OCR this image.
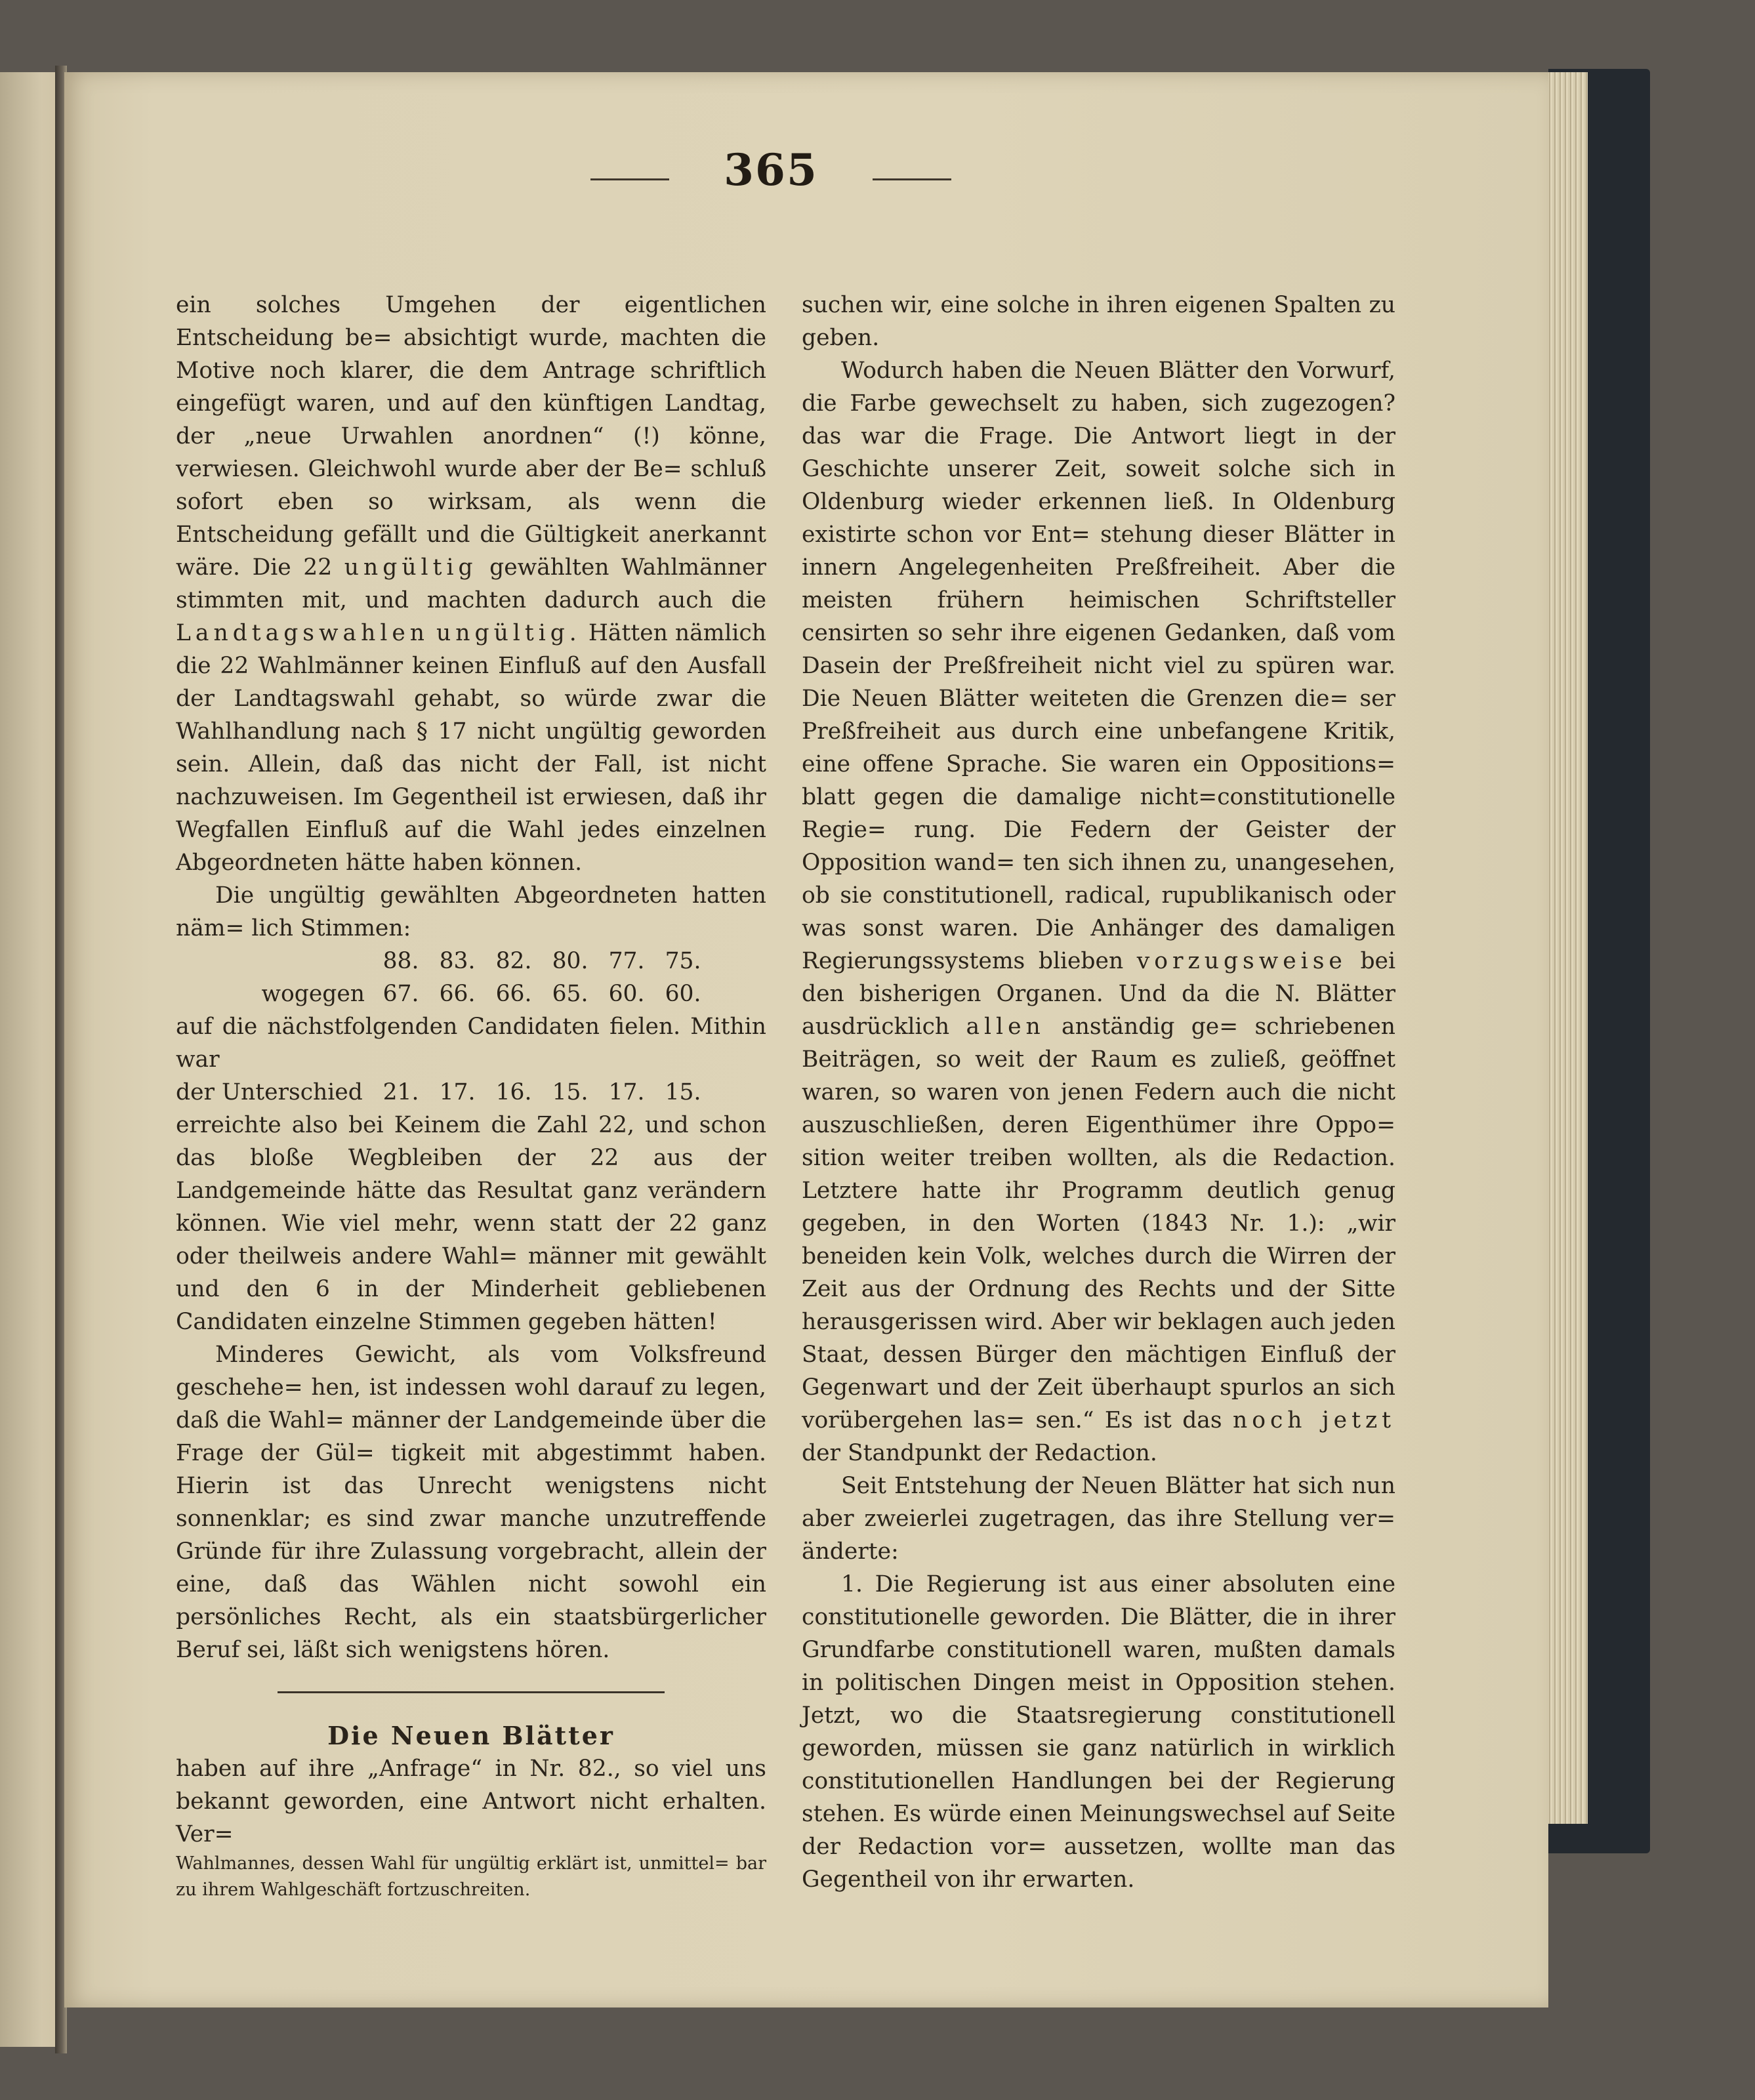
365

ein solches Umgehen der eigentlichen Entscheidung be= absichtigt wurde, machten die Motive noch klarer, die dem Antrage schriftlich eingefügt waren, und auf den künftigen Landtag, der „neue Urwahlen anordnen“ (!) könne, verwiesen. Gleichwohl wurde aber der Be= schluß sofort eben so wirksam, als wenn die Entscheidung gefällt und die Gültigkeit anerkannt wäre. Die 22 ungültig gewählten Wahlmänner stimmten mit, und machten dadurch auch die Landtagswahlen ungültig. Hätten nämlich die 22 Wahlmänner keinen Einfluß auf den Ausfall der Landtagswahl gehabt, so würde zwar die Wahlhandlung nach § 17 nicht ungültig geworden sein. Allein, daß das nicht der Fall, ist nicht nachzuweisen. Im Gegentheil ist erwiesen, daß ihr Wegfallen Einfluß auf die Wahl jedes einzelnen Abgeordneten hätte haben können.

Die ungültig gewählten Abgeordneten hatten näm= lich Stimmen:

88. 83. 82. 80. 77. 75.
wogegen 67. 66. 66. 65. 60. 60.

auf die nächstfolgenden Candidaten fielen. Mithin war

der Unterschied 21. 17. 16. 15. 17. 15.

erreichte also bei Keinem die Zahl 22, und schon das bloße Wegbleiben der 22 aus der Landgemeinde hätte das Resultat ganz verändern können. Wie viel mehr, wenn statt der 22 ganz oder theilweis andere Wahl= männer mit gewählt und den 6 in der Minderheit gebliebenen Candidaten einzelne Stimmen gegeben hätten!

Minderes Gewicht, als vom Volksfreund geschehe= hen, ist indessen wohl darauf zu legen, daß die Wahl= männer der Landgemeinde über die Frage der Gül= tigkeit mit abgestimmt haben. Hierin ist das Unrecht wenigstens nicht sonnenklar; es sind zwar manche unzutreffende Gründe für ihre Zulassung vorgebracht, allein der eine, daß das Wählen nicht sowohl ein persönliches Recht, als ein staatsbürgerlicher Beruf sei, läßt sich wenigstens hören.

Die Neuen Blätter

haben auf ihre „Anfrage“ in Nr. 82., so viel uns bekannt geworden, eine Antwort nicht erhalten. Ver=

Wahlmannes, dessen Wahl für ungültig erklärt ist, unmittel= bar zu ihrem Wahlgeschäft fortzuschreiten.

suchen wir, eine solche in ihren eigenen Spalten zu geben.

Wodurch haben die Neuen Blätter den Vorwurf, die Farbe gewechselt zu haben, sich zugezogen? das war die Frage. Die Antwort liegt in der Geschichte unserer Zeit, soweit solche sich in Oldenburg wieder erkennen ließ. In Oldenburg existirte schon vor Ent= stehung dieser Blätter in innern Angelegenheiten Preßfreiheit. Aber die meisten frühern heimischen Schriftsteller censirten so sehr ihre eigenen Gedanken, daß vom Dasein der Preßfreiheit nicht viel zu spüren war. Die Neuen Blätter weiteten die Grenzen die= ser Preßfreiheit aus durch eine unbefangene Kritik, eine offene Sprache. Sie waren ein Oppositions= blatt gegen die damalige nicht=constitutionelle Regie= rung. Die Federn der Geister der Opposition wand= ten sich ihnen zu, unangesehen, ob sie constitutionell, radical, rupublikanisch oder was sonst waren. Die Anhänger des damaligen Regierungssystems blieben vorzugsweise bei den bisherigen Organen. Und da die N. Blätter ausdrücklich allen anständig ge= schriebenen Beiträgen, so weit der Raum es zuließ, geöffnet waren, so waren von jenen Federn auch die nicht auszuschließen, deren Eigenthümer ihre Oppo= sition weiter treiben wollten, als die Redaction. Letztere hatte ihr Programm deutlich genug gegeben, in den Worten (1843 Nr. 1.): „wir beneiden kein Volk, welches durch die Wirren der Zeit aus der Ordnung des Rechts und der Sitte herausgerissen wird. Aber wir beklagen auch jeden Staat, dessen Bürger den mächtigen Einfluß der Gegenwart und der Zeit überhaupt spurlos an sich vorübergehen las= sen.“ Es ist das noch jetzt der Standpunkt der Redaction.

Seit Entstehung der Neuen Blätter hat sich nun aber zweierlei zugetragen, das ihre Stellung ver= änderte:

1. Die Regierung ist aus einer absoluten eine constitutionelle geworden. Die Blätter, die in ihrer Grundfarbe constitutionell waren, mußten damals in politischen Dingen meist in Opposition stehen. Jetzt, wo die Staatsregierung constitutionell geworden, müssen sie ganz natürlich in wirklich constitutionellen Handlungen bei der Regierung stehen. Es würde einen Meinungswechsel auf Seite der Redaction vor= aussetzen, wollte man das Gegentheil von ihr erwarten.
